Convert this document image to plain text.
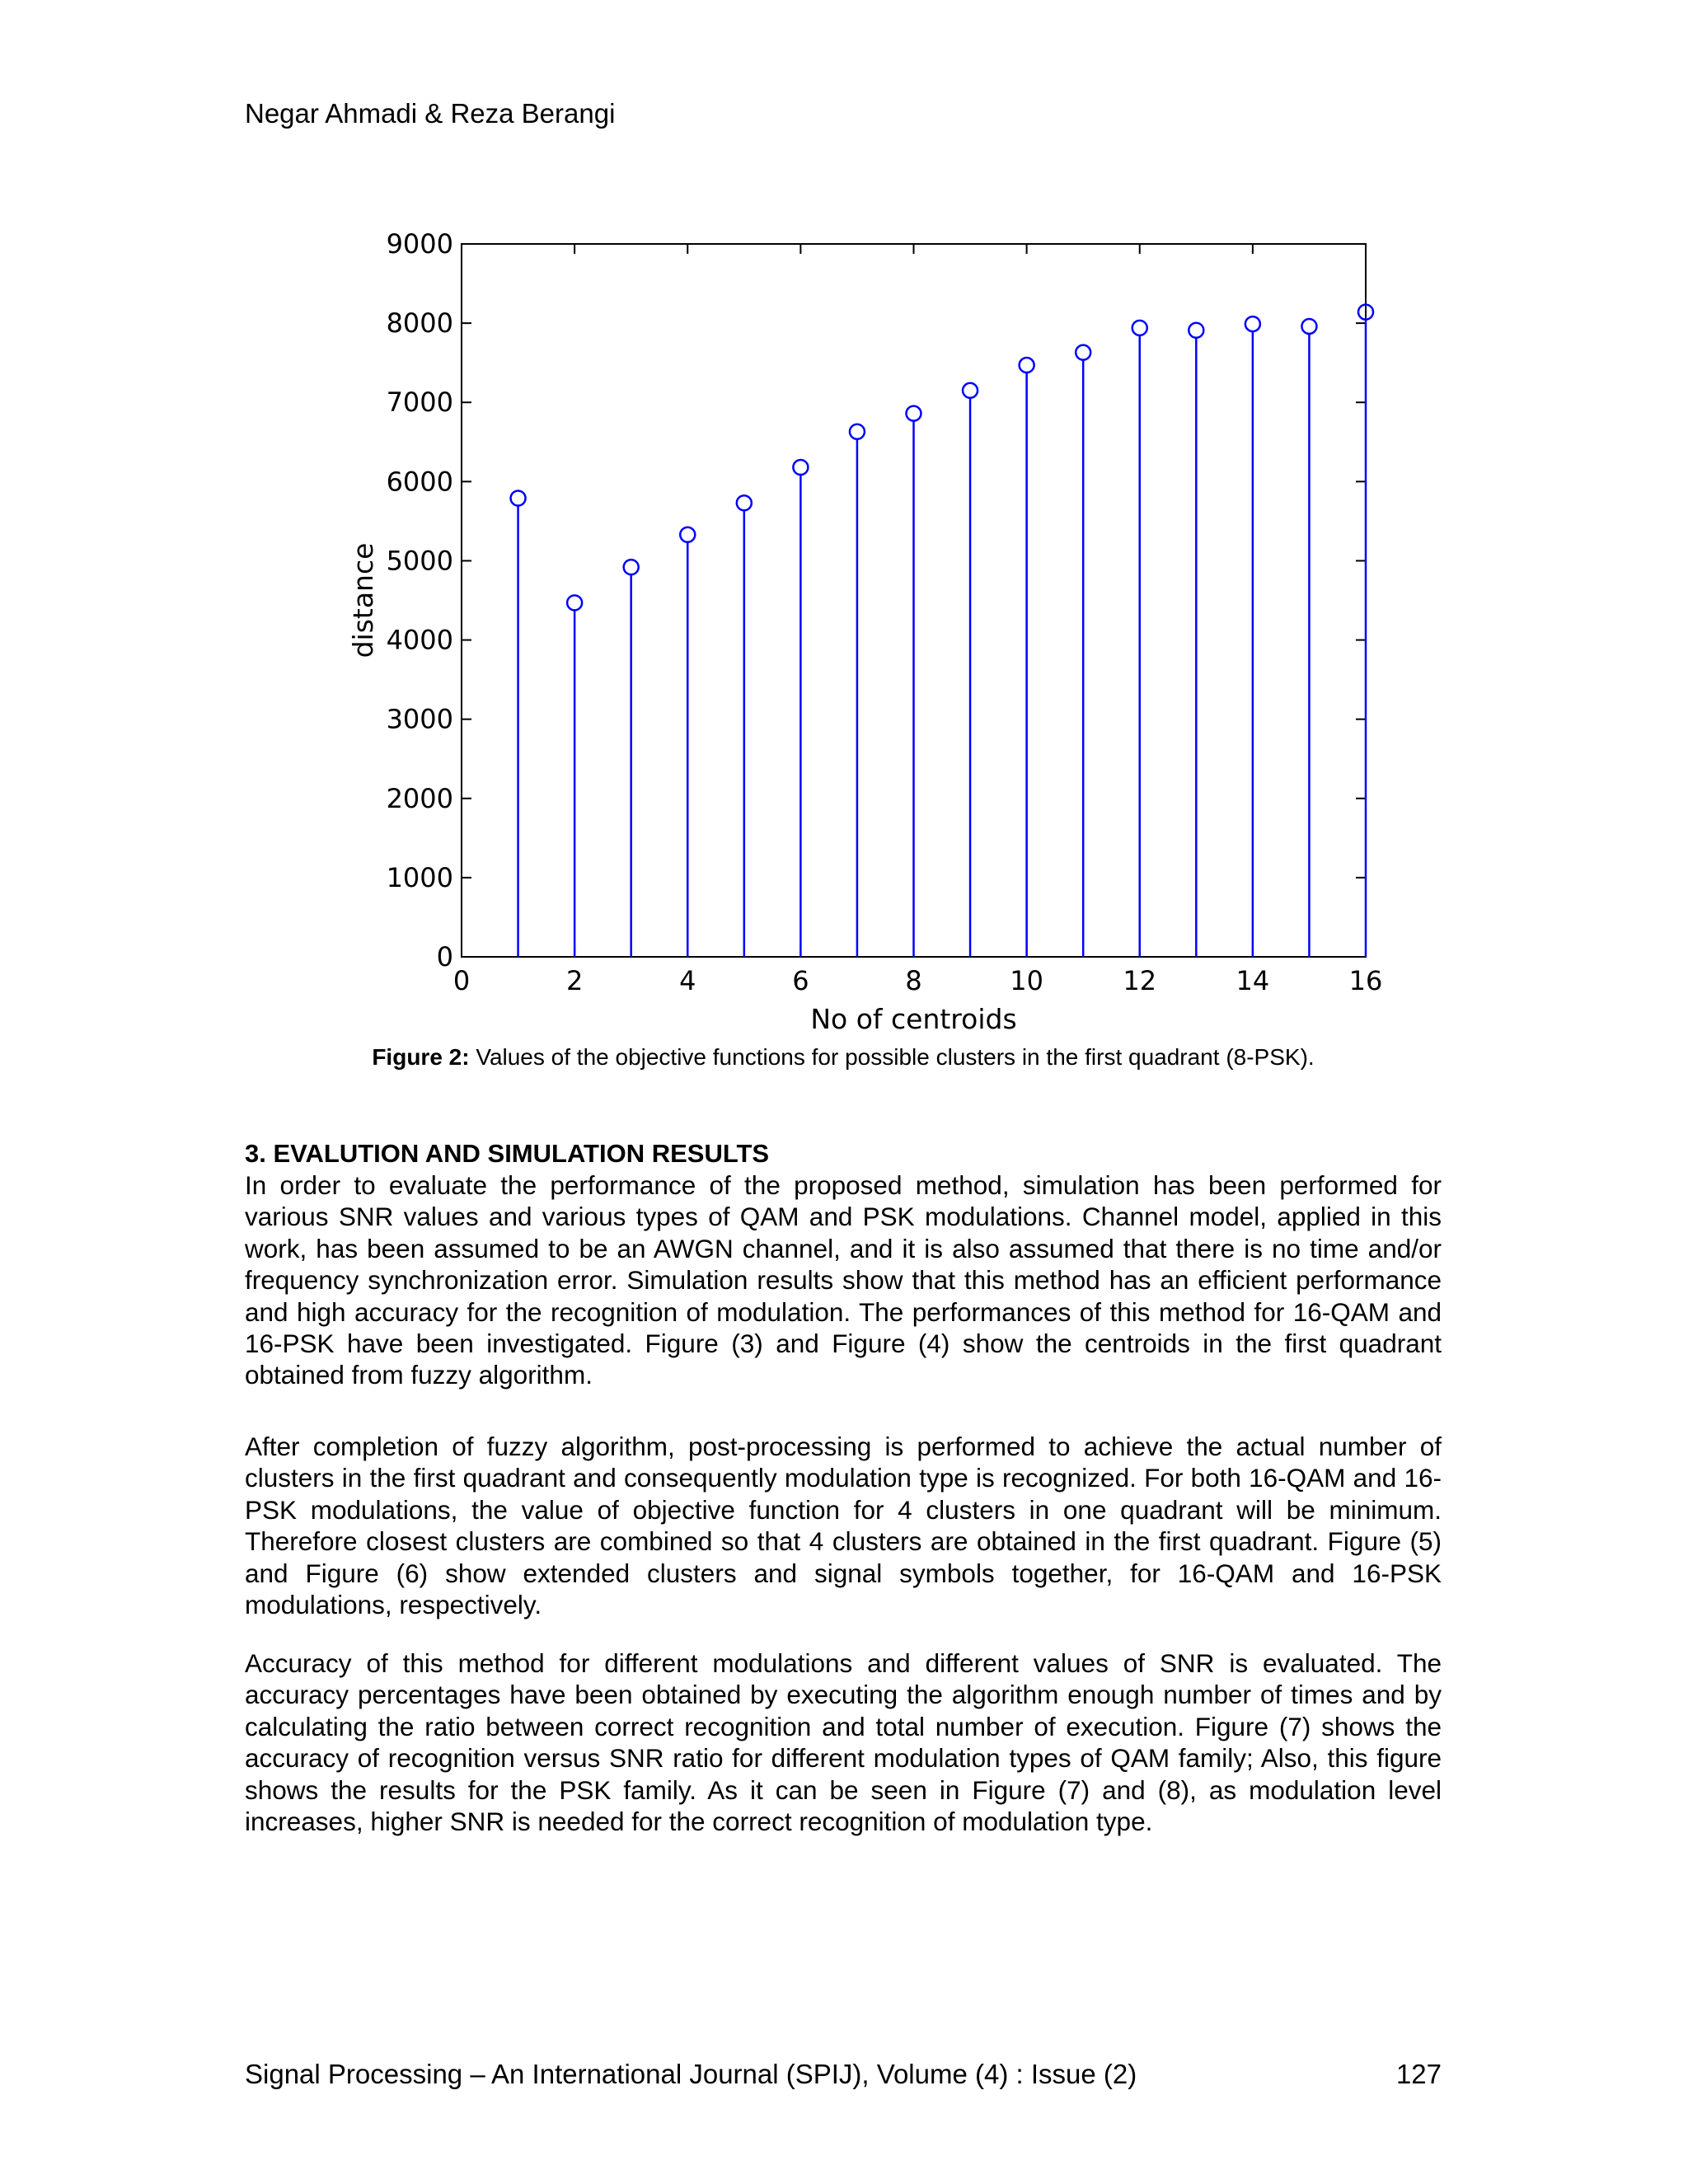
Negar Ahmadi & Reza Berangi
0	2	4	6	8	10	12	14	16
0
1000
2000
3000
4000
5000
6000
7000
8000
9000
No of centroids
distance
Figure 2: Values of the objective functions for possible clusters in the first quadrant (8-PSK).
3. EVALUTION AND SIMULATION RESULTS

In order to evaluate the performance of the proposed method, simulation has been performed for various SNR values and various types of QAM and PSK modulations. Channel model, applied in this work, has been assumed to be an AWGN channel, and it is also assumed that there is no time and/or frequency synchronization error. Simulation results show that this method has an efficient performance and high accuracy for the recognition of modulation. The performances of this method for 16-QAM and 16-PSK have been investigated. Figure (3) and Figure (4) show the centroids in the first quadrant obtained from fuzzy algorithm.

After completion of fuzzy algorithm, post-processing is performed to achieve the actual number of clusters in the first quadrant and consequently modulation type is recognized. For both 16-QAM and 16-PSK modulations, the value of objective function for 4 clusters in one quadrant will be minimum. Therefore closest clusters are combined so that 4 clusters are obtained in the first quadrant. Figure (5) and Figure (6) show extended clusters and signal symbols together, for 16-QAM and 16-PSK modulations, respectively.

Accuracy of this method for different modulations and different values of SNR is evaluated. The accuracy percentages have been obtained by executing the algorithm enough number of times and by calculating the ratio between correct recognition and total number of execution. Figure (7) shows the accuracy of recognition versus SNR ratio for different modulation types of QAM family; Also, this figure shows the results for the PSK family. As it can be seen in Figure (7) and (8), as modulation level increases, higher SNR is needed for the correct recognition of modulation type.

Signal Processing – An International Journal (SPIJ), Volume (4) : Issue (2)	127
